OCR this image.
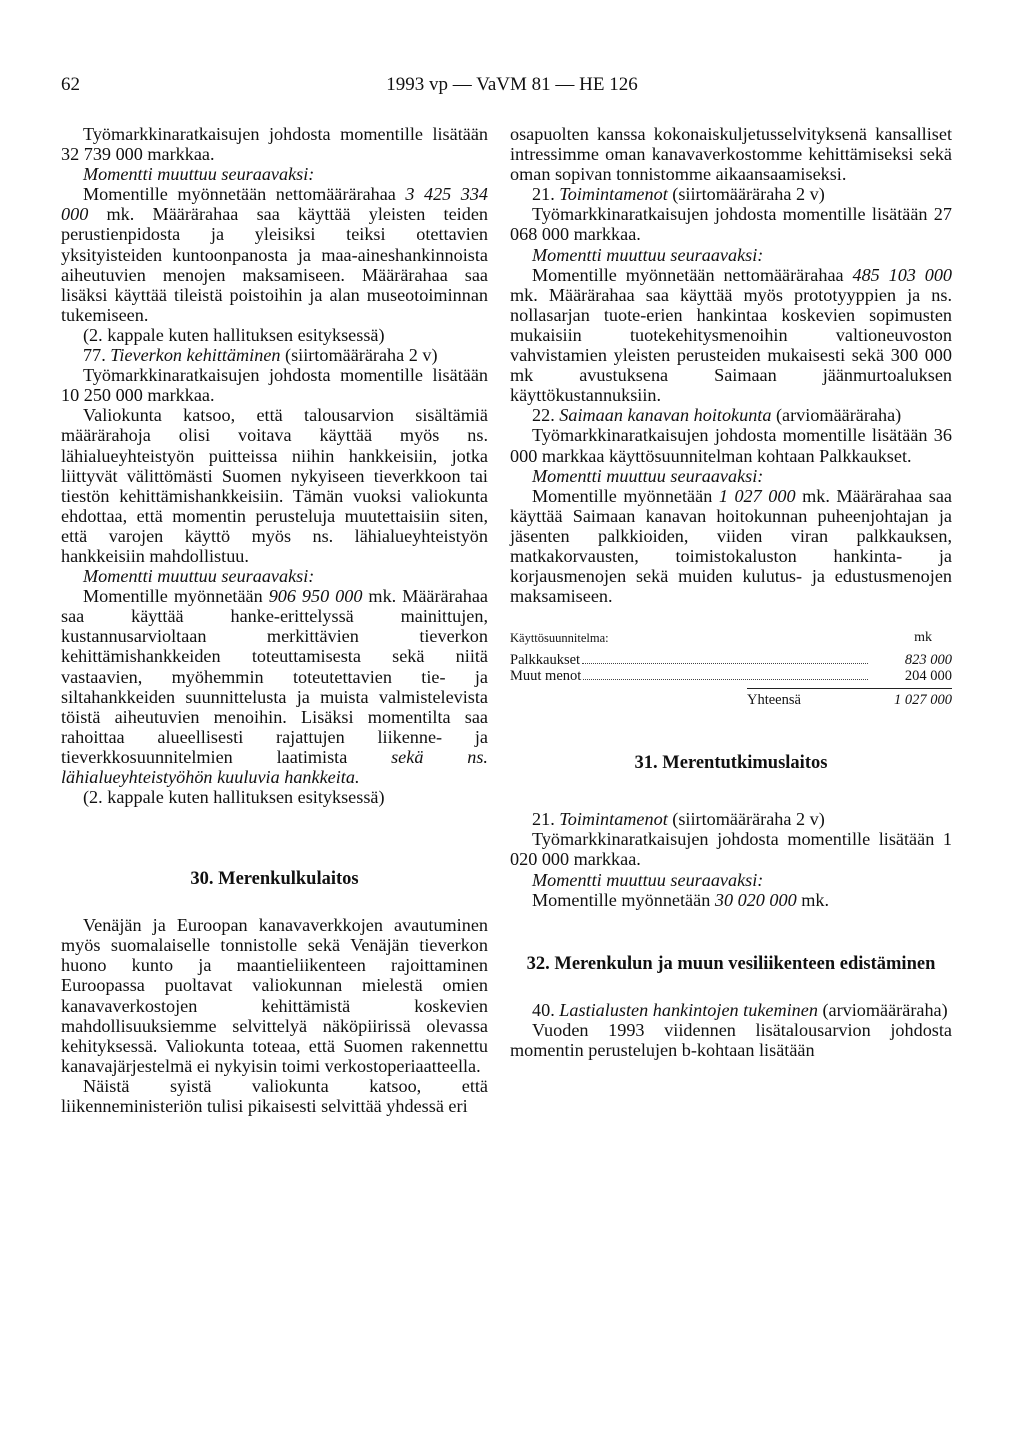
62	1993 vp — VaVM 81 — HE 126

Työmarkkinaratkaisujen johdosta momentille lisätään 32 739 000 markkaa.

Momentti muuttuu seuraavaksi:

Momentille myönnetään nettomäärärahaa 3 425 334 000 mk. Määrärahaa saa käyttää yleisten teiden perustienpidosta ja yleisiksi teiksi otettavien yksityisteiden kuntoonpanosta ja maa-aineshankinnoista aiheutuvien menojen maksamiseen. Määrärahaa saa lisäksi käyttää tileistä poistoihin ja alan museotoiminnan tukemiseen.

(2. kappale kuten hallituksen esityksessä)

77. Tieverkon kehittäminen (siirtomääräraha 2 v)

Työmarkkinaratkaisujen johdosta momentille lisätään 10 250 000 markkaa.

Valiokunta katsoo, että talousarvion sisältämiä määrärahoja olisi voitava käyttää myös ns. lähialueyhteistyön puitteissa niihin hankkeisiin, jotka liittyvät välittömästi Suomen nykyiseen tieverkkoon tai tiestön kehittämishankkeisiin. Tämän vuoksi valiokunta ehdottaa, että momentin perusteluja muutettaisiin siten, että varojen käyttö myös ns. lähialueyhteistyön hankkeisiin mahdollistuu.

Momentti muuttuu seuraavaksi:

Momentille myönnetään 906 950 000 mk. Määrärahaa saa käyttää hanke-erittelyssä mainittujen, kustannusarvioltaan merkittävien tieverkon kehittämishankkeiden toteuttamisesta sekä niitä vastaavien, myöhemmin toteutettavien tie- ja siltahankkeiden suunnittelusta ja muista valmistelevista töistä aiheutuvien menoihin. Lisäksi momentilta saa rahoittaa alueellisesti rajattujen liikenne- ja tieverkkosuunnitelmien laatimista sekä ns. lähialueyhteistyöhön kuuluvia hankkeita.

(2. kappale kuten hallituksen esityksessä)

30. Merenkulkulaitos

Venäjän ja Euroopan kanavaverkkojen avautuminen myös suomalaiselle tonnistolle sekä Venäjän tieverkon huono kunto ja maantieliikenteen rajoittaminen Euroopassa puoltavat valiokunnan mielestä omien kanavaverkostojen kehittämistä koskevien mahdollisuuksiemme selvittelyä näköpiirissä olevassa kehityksessä. Valiokunta toteaa, että Suomen rakennettu kanavajärjestelmä ei nykyisin toimi verkostoperiaatteella.

Näistä syistä valiokunta katsoo, että liikenneministeriön tulisi pikaisesti selvittää yhdessä eri

osapuolten kanssa kokonaiskuljetusselvityksenä kansalliset intressimme oman kanavaverkostomme kehittämiseksi sekä oman sopivan tonnistomme aikaansaamiseksi.

21. Toimintamenot (siirtomääräraha 2 v)

Työmarkkinaratkaisujen johdosta momentille lisätään 27 068 000 markkaa.

Momentti muuttuu seuraavaksi:

Momentille myönnetään nettomäärärahaa 485 103 000 mk. Määrärahaa saa käyttää myös prototyyppien ja ns. nollasarjan tuote-erien hankintaa koskevien sopimusten mukaisiin tuotekehitysmenoihin valtioneuvoston vahvistamien yleisten perusteiden mukaisesti sekä 300 000 mk avustuksena Saimaan jäänmurtoaluksen käyttökustannuksiin.

22. Saimaan kanavan hoitokunta (arviomääräraha)

Työmarkkinaratkaisujen johdosta momentille lisätään 36 000 markkaa käyttösuunnitelman kohtaan Palkkaukset.

Momentti muuttuu seuraavaksi:

Momentille myönnetään 1 027 000 mk. Määrärahaa saa käyttää Saimaan kanavan hoitokunnan puheenjohtajan ja jäsenten palkkioiden, viiden viran palkkauksen, matkakorvausten, toimistokaluston hankinta- ja korjausmenojen sekä muiden kulutus- ja edustusmenojen maksamiseen.

Käyttösuunnitelma:	mk
Palkkaukset	823 000
Muut menot	204 000
Yhteensä	1 027 000
31. Merentutkimuslaitos

21. Toimintamenot (siirtomääräraha 2 v)

Työmarkkinaratkaisujen johdosta momentille lisätään 1 020 000 markkaa.

Momentti muuttuu seuraavaksi:

Momentille myönnetään 30 020 000 mk.

32. Merenkulun ja muun vesiliikenteen edistäminen

40. Lastialusten hankintojen tukeminen (arviomääräraha)

Vuoden 1993 viidennen lisätalousarvion johdosta momentin perustelujen b-kohtaan lisätään
